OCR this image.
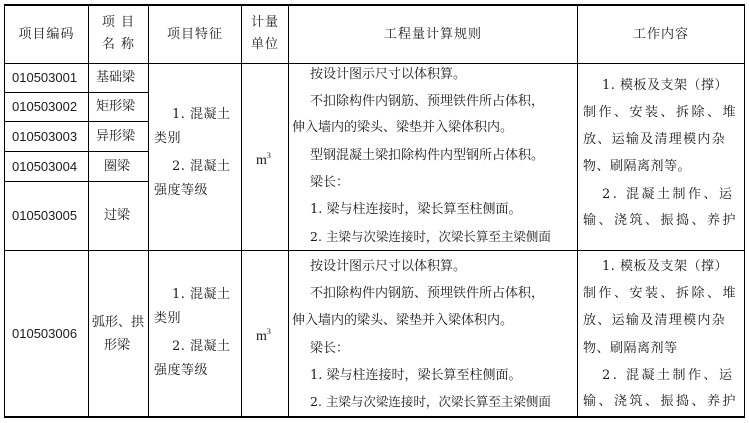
项目编码
项 目
名 称
项目特征
计量
单位
工程量计算规则	工作内容
010503001 基础梁
010503002 矩形梁
010503003 异形梁
010503004 圈梁
010503005 过梁
1. 混凝土
类别
2. 混凝土
强度等级
$m^3$
按设计图示尺寸以体积算。
不扣除构件内钢筋、预埋铁件所占体积，
伸入墙内的梁头、梁垫并入梁体积内。
型钢混凝土梁扣除构件内型钢所占体积。
梁长：
1. 梁与柱连接时，梁长算至柱侧面。
2. 主梁与次梁连接时，次梁长算至主梁侧面
1. 模板及支架（撑）
制作、安装、拆除、堆
放、运输及清理模内杂
物、刷隔离剂等。
2. 混凝土制作、运
输、浇筑、振捣、养护
010503006
弧形、拱
形梁
1. 混凝土
类别
2. 混凝土
强度等级
$m^3$
按设计图示尺寸以体积算。
不扣除构件内钢筋、预埋铁件所占体积，
伸入墙内的梁头、梁垫并入梁体积内。
梁长：
1. 梁与柱连接时，梁长算至柱侧面。
2. 主梁与次梁连接时，次梁长算至主梁侧面
1. 模板及支架（撑）
制作、安装、拆除、堆
放、运输及清理模内杂
物、刷隔离剂等
2. 混凝土制作、运
输、浇筑、振捣、养护
